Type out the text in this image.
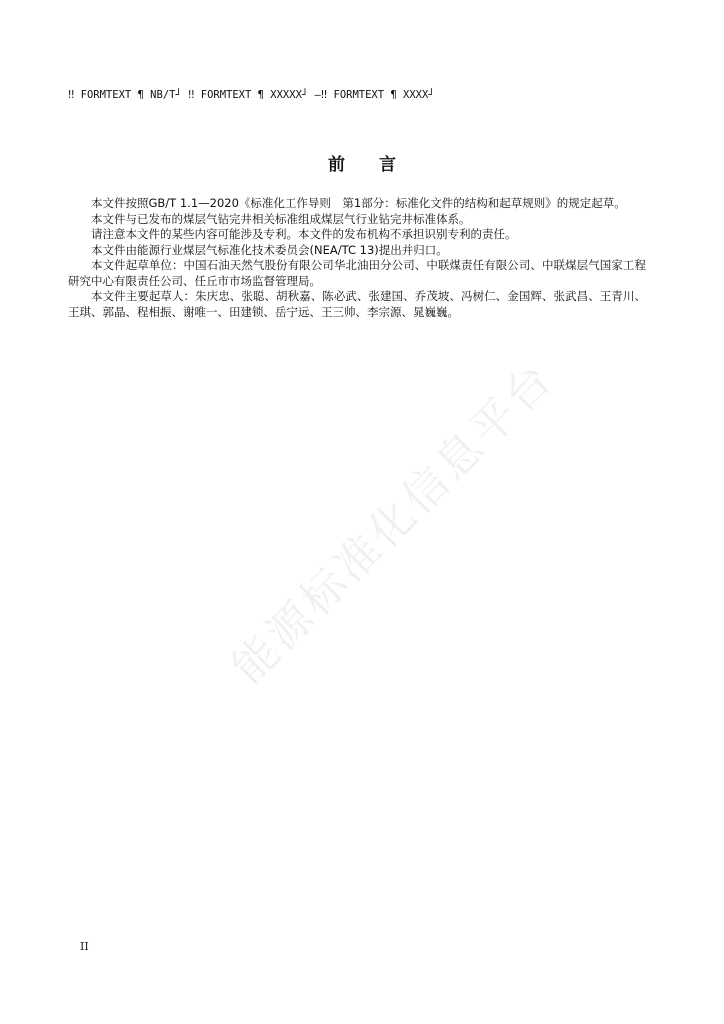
‼ FORMTEXT ¶ NB/T┘ ‼ FORMTEXT ¶ XXXXX┘ —‼ FORMTEXT ¶ XXXX┘
前 言

本文件按照GB/T 1.1—2020《标准化工作导则　第1部分：标准化文件的结构和起草规则》的规定起草。

本文件与已发布的煤层气钻完井相关标准组成煤层气行业钻完井标准体系。

请注意本文件的某些内容可能涉及专利。本文件的发布机构不承担识别专利的责任。

本文件由能源行业煤层气标准化技术委员会(NEA/TC 13)提出并归口。

本文件起草单位：中国石油天然气股份有限公司华北油田分公司、中联煤责任有限公司、中联煤层气国家工程研究中心有限责任公司、任丘市市场监督管理局。

本文件主要起草人：朱庆忠、张聪、胡秋嘉、陈必武、张建国、乔茂坡、冯树仁、金国辉、张武昌、王青川、王琪、郭晶、程相振、谢唯一、田建锁、岳宁远、王三帅、李宗源、晁巍巍。

能源标准化信息平台
II
